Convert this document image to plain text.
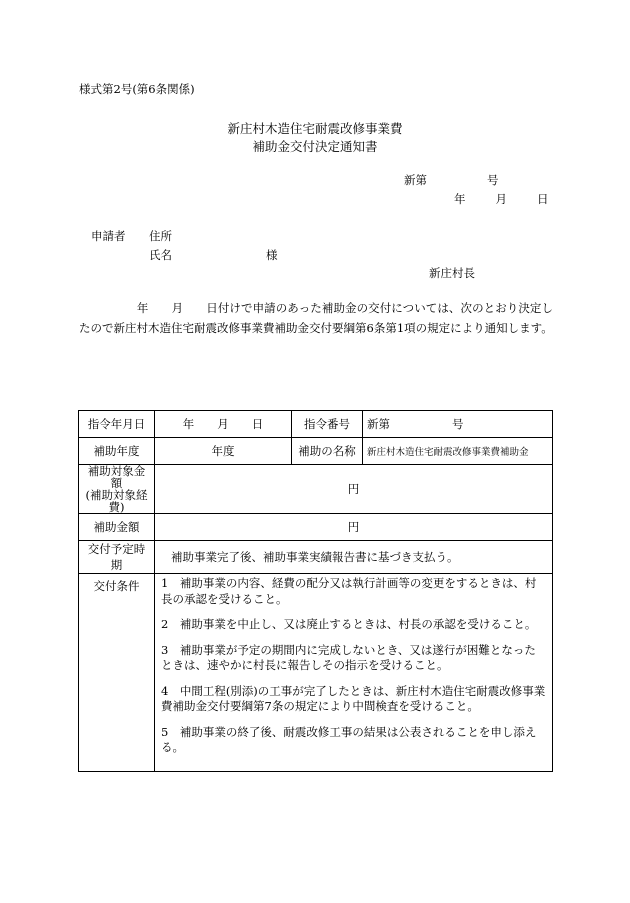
様式第2号(第6条関係)
新庄村木造住宅耐震改修事業費
補助金交付決定通知書
新第	号
年	月	日
申請者 住所
氏名	様
新庄村長
　　　　　年　　月　　日付けで申請のあった補助金の交付については、次のとおり決定したので新庄村木造住宅耐震改修事業費補助金交付要綱第6条第1項の規定により通知します。
指令年月日	年　　月　　日	指令番号	新第 号
補助年度	年度	補助の名称	新庄村木造住宅耐震改修事業費補助金

補助対象金額
(補助対象経費)	円		
補助金額	円		
交付予定時期	補助事業完了後、補助事業実績報告書に基づき支払う。		
交付条件	1　補助事業の内容、経費の配分又は執行計画等の変更をするときは、村長の承認を受けること。
2　補助事業を中止し、又は廃止するときは、村長の承認を受けること。
3　補助事業が予定の期間内に完成しないとき、又は遂行が困難となったときは、速やかに村長に報告しその指示を受けること。
4　中間工程(別添)の工事が完了したときは、新庄村木造住宅耐震改修事業費補助金交付要綱第7条の規定により中間検査を受けること。
5　補助事業の終了後、耐震改修工事の結果は公表されることを申し添える。		
